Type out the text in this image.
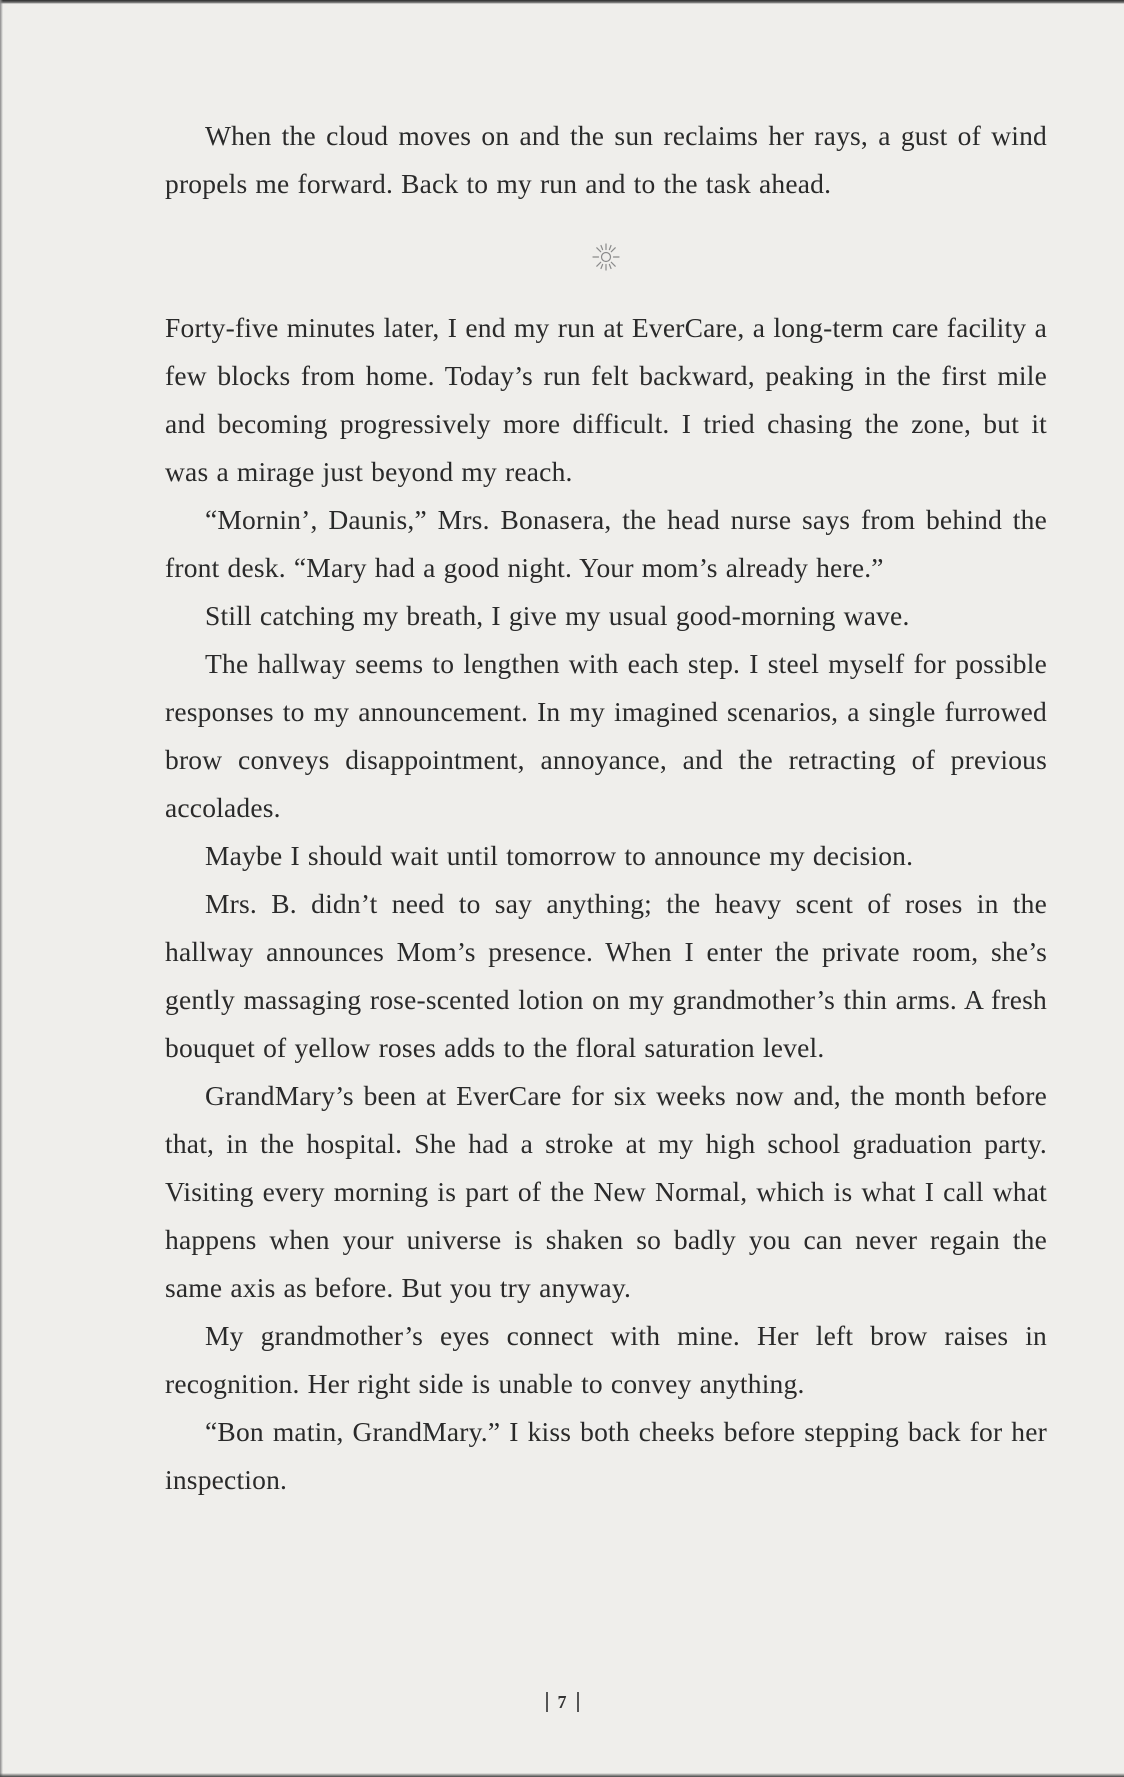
When the cloud moves on and the sun reclaims her rays, a gust of wind propels me forward. Back to my run and to the task ahead.

Forty-five minutes later, I end my run at EverCare, a long-term care facility a few blocks from home. Today’s run felt backward, peaking in the first mile and becoming progressively more difficult. I tried chasing the zone, but it was a mirage just beyond my reach.

“Mornin’, Daunis,” Mrs. Bonasera, the head nurse says from behind the front desk. “Mary had a good night. Your mom’s already here.”

Still catching my breath, I give my usual good-morning wave.

The hallway seems to lengthen with each step. I steel myself for possible responses to my announcement. In my imagined scenarios, a single furrowed brow conveys disappointment, annoyance, and the retracting of previous accolades.

Maybe I should wait until tomorrow to announce my decision.

Mrs. B. didn’t need to say anything; the heavy scent of roses in the hallway announces Mom’s presence. When I enter the private room, she’s gently massaging rose-scented lotion on my grandmother’s thin arms. A fresh bouquet of yellow roses adds to the floral saturation level.

GrandMary’s been at EverCare for six weeks now and, the month before that, in the hospital. She had a stroke at my high school graduation party. Visiting every morning is part of the New Normal, which is what I call what happens when your universe is shaken so badly you can never regain the same axis as before. But you try anyway.

My grandmother’s eyes connect with mine. Her left brow raises in recognition. Her right side is unable to convey anything.

“Bon matin, GrandMary.” I kiss both cheeks before stepping back for her inspection.

7
